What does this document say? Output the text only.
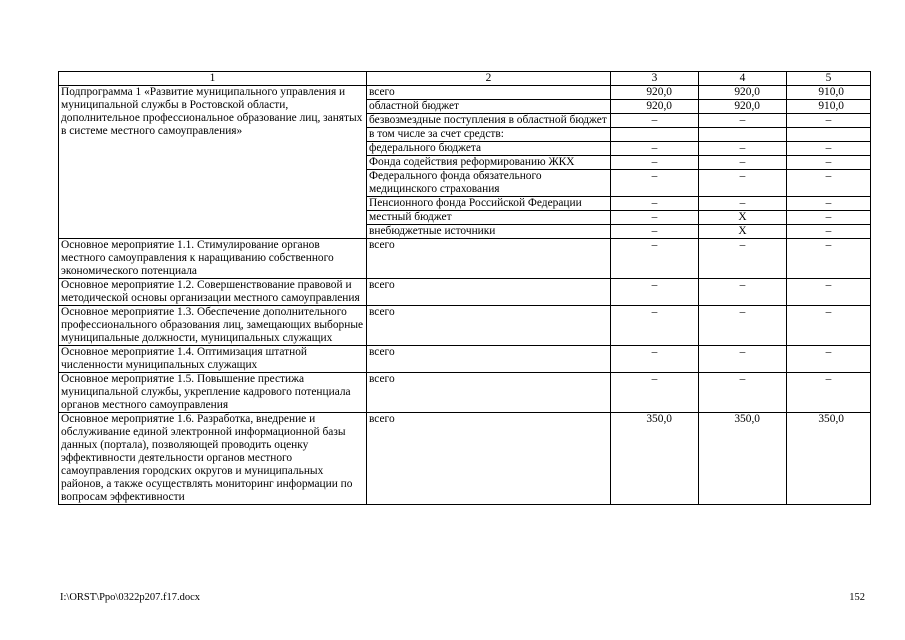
1	2	3	4	5
Подпрограмма 1 «Развитие муниципального управления и муниципальной службы в Ростовской области, дополнительное профессиональное образование лиц, занятых в системе местного самоуправления»	всего	920,0	920,0	910,0
	областной бюджет	920,0	920,0	910,0
	безвозмездные поступления в областной бюджет	–	–	–
	в том числе за счет средств:			
	федерального бюджета	–	–	–
	Фонда содействия реформированию ЖКХ	–	–	–
	Федерального фонда обязательного медицинского страхования	–	–	–
	Пенсионного фонда Российской Федерации	–	–	–
	местный бюджет	–	Х	–
	внебюджетные источники	–	Х	–
Основное мероприятие 1.1. Стимулирование органов местного самоуправления к наращиванию собственного экономического потенциала	всего	–	–	–
Основное мероприятие 1.2. Совершенствование правовой и методической основы организации местного самоуправления	всего	–	–	–
Основное мероприятие 1.3. Обеспечение дополнительного профессионального образования лиц, замещающих выборные муниципальные должности, муниципальных служащих	всего	–	–	–
Основное мероприятие 1.4. Оптимизация штатной численности муниципальных служащих	всего	–	–	–
Основное мероприятие 1.5. Повышение престижа муниципальной службы, укрепление кадрового потенциала органов местного самоуправления	всего	–	–	–
Основное мероприятие 1.6. Разработка, внедрение и обслуживание единой электронной информационной базы данных (портала), позволяющей проводить оценку эффективности деятельности органов местного самоуправления городских округов и муниципальных районов, а также осуществлять мониторинг информации по вопросам эффективности	всего	350,0	350,0	350,0
I:\ORST\Ppo\0322p207.f17.docx	152
